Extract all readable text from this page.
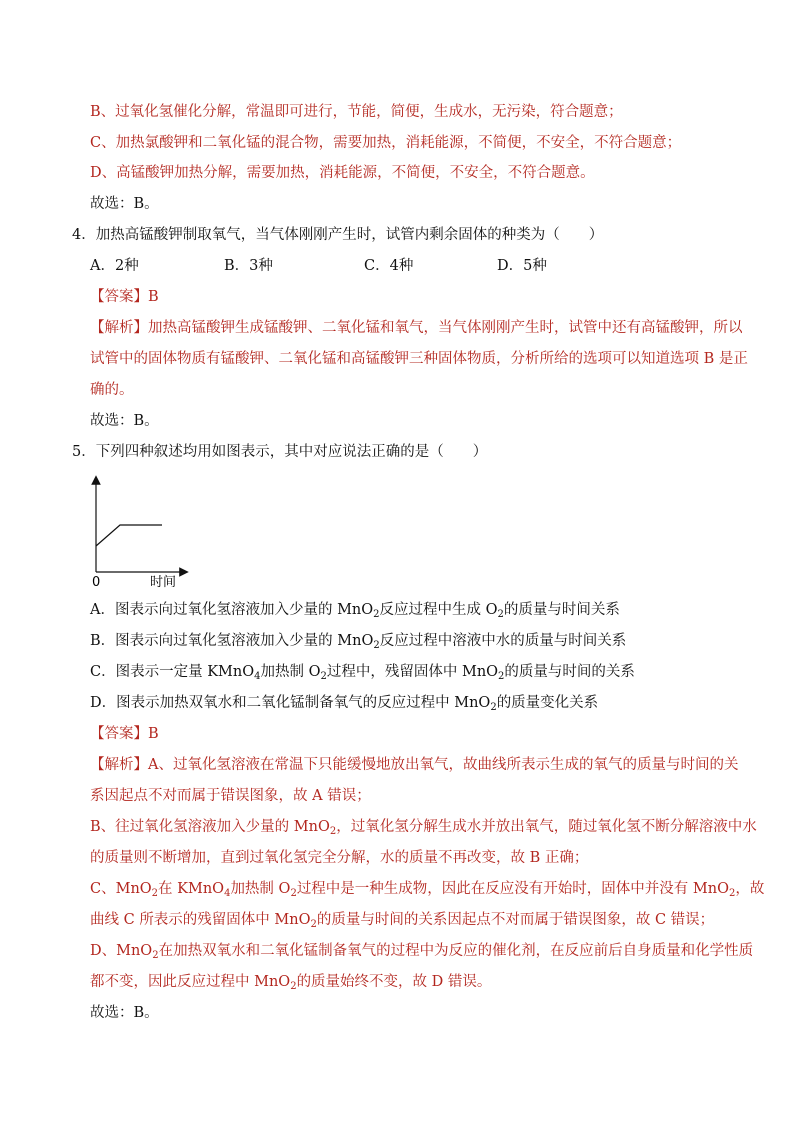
B、过氧化氢催化分解，常温即可进行，节能，简便，生成水，无污染，符合题意；
C、加热氯酸钾和二氧化锰的混合物，需要加热，消耗能源，不简便，不安全，不符合题意；
D、高锰酸钾加热分解，需要加热，消耗能源，不简便，不安全，不符合题意。
故选：B。
4．加热高锰酸钾制取氧气，当气体刚刚产生时，试管内剩余固体的种类为（　　）
A．2种	B．3种	C．4种	D．5种
【答案】B
【解析】加热高锰酸钾生成锰酸钾、二氧化锰和氧气，当气体刚刚产生时，试管中还有高锰酸钾，所以
试管中的固体物质有锰酸钾、二氧化锰和高锰酸钾三种固体物质，分析所给的选项可以知道选项 B 是正
确的。
故选：B。
5．下列四种叙述均用如图表示，其中对应说法正确的是（　　）
0	时间
A．图表示向过氧化氢溶液加入少量的 MnO$_2$反应过程中生成 $O_2$的质量与时间关系
B．图表示向过氧化氢溶液加入少量的 MnO$_2$反应过程中溶液中水的质量与时间关系
C．图表示一定量 KMnO$_4$加热制 $O_2$过程中，残留固体中 MnO$_2$的质量与时间的关系
D．图表示加热双氧水和二氧化锰制备氧气的反应过程中 MnO$_2$的质量变化关系
【答案】B
【解析】A、过氧化氢溶液在常温下只能缓慢地放出氧气，故曲线所表示生成的氧气的质量与时间的关
系因起点不对而属于错误图象，故 A 错误；
B、往过氧化氢溶液加入少量的 MnO$_2$，过氧化氢分解生成水并放出氧气，随过氧化氢不断分解溶液中水
的质量则不断增加，直到过氧化氢完全分解，水的质量不再改变，故 B 正确；
C、MnO$_2$在 KMnO$_4$加热制 $O_2$过程中是一种生成物，因此在反应没有开始时，固体中并没有 MnO$_2$，故
曲线 C 所表示的残留固体中 MnO$_2$的质量与时间的关系因起点不对而属于错误图象，故 C 错误；
D、MnO$_2$在加热双氧水和二氧化锰制备氧气的过程中为反应的催化剂，在反应前后自身质量和化学性质
都不变，因此反应过程中 MnO$_2$的质量始终不变，故 D 错误。
故选：B。
